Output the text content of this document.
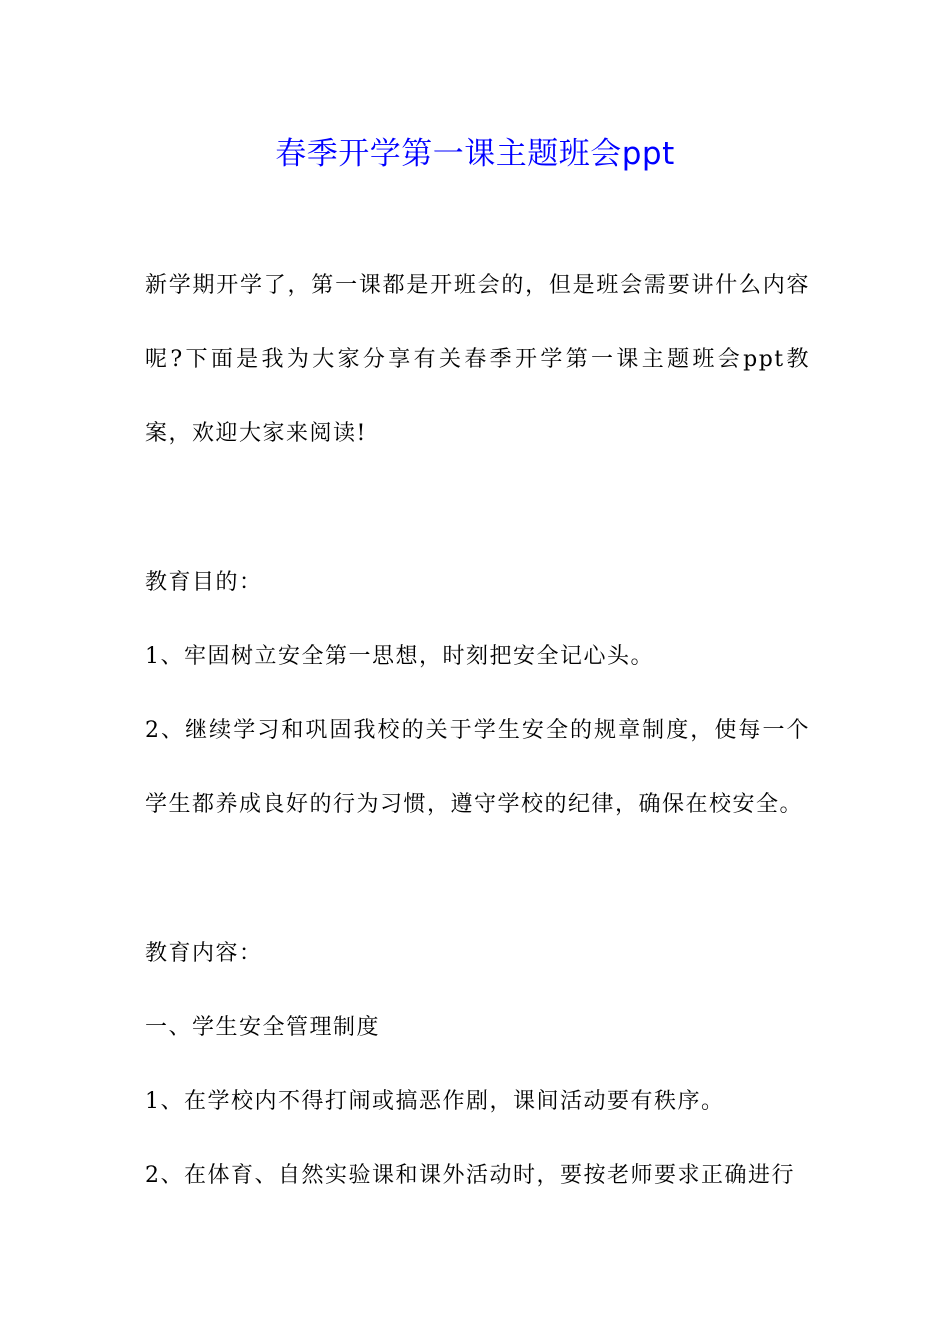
春季开学第一课主题班会ppt

新学期开学了，第一课都是开班会的，但是班会需要讲什么内容呢?下面是我为大家分享有关春季开学第一课主题班会ppt教案，欢迎大家来阅读!

教育目的：

1、牢固树立安全第一思想，时刻把安全记心头。

2、继续学习和巩固我校的关于学生安全的规章制度，使每一个学生都养成良好的行为习惯，遵守学校的纪律，确保在校安全。

教育内容：

一、学生安全管理制度

1、在学校内不得打闹或搞恶作剧，课间活动要有秩序。

2、在体育、自然实验课和课外活动时，要按老师要求正确进行
